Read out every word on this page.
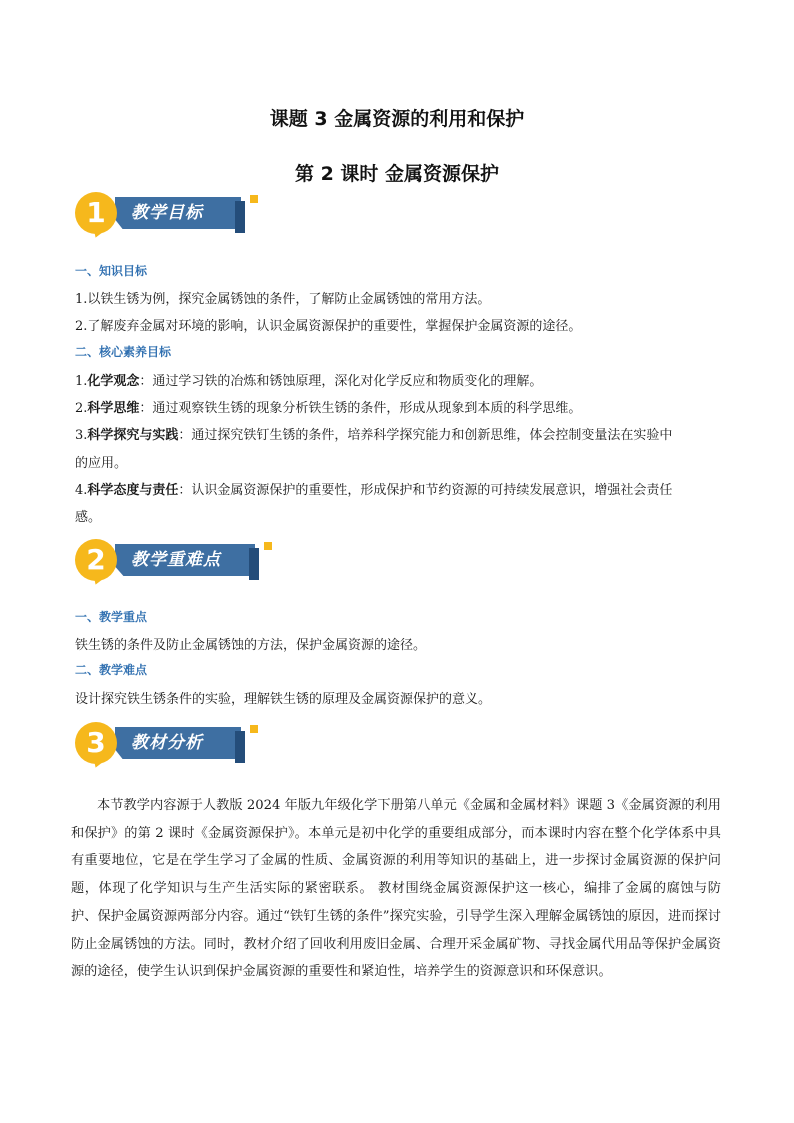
课题 3 金属资源的利用和保护
第 2 课时 金属资源保护
1	教学目标
一、知识目标
1.以铁生锈为例，探究金属锈蚀的条件，了解防止金属锈蚀的常用方法。
2.了解废弃金属对环境的影响，认识金属资源保护的重要性，掌握保护金属资源的途径。
二、核心素养目标
1.化学观念：通过学习铁的冶炼和锈蚀原理，深化对化学反应和物质变化的理解。
2.科学思维：通过观察铁生锈的现象分析铁生锈的条件，形成从现象到本质的科学思维。
3.科学探究与实践：通过探究铁钉生锈的条件，培养科学探究能力和创新思维，体会控制变量法在实验中
的应用。
4.科学态度与责任：认识金属资源保护的重要性，形成保护和节约资源的可持续发展意识，增强社会责任
感。
2	教学重难点
一、教学重点
铁生锈的条件及防止金属锈蚀的方法，保护金属资源的途径。
二、教学难点
设计探究铁生锈条件的实验，理解铁生锈的原理及金属资源保护的意义。
3	教材分析
本节教学内容源于人教版 2024 年版九年级化学下册第八单元《金属和金属材料》课题 3《金属资源的利用和保护》的第 2 课时《金属资源保护》。本单元是初中化学的重要组成部分，而本课时内容在整个化学体系中具有重要地位，它是在学生学习了金属的性质、金属资源的利用等知识的基础上，进一步探讨金属资源的保护问题，体现了化学知识与生产生活实际的紧密联系。 教材围绕金属资源保护这一核心，编排了金属的腐蚀与防护、保护金属资源两部分内容。通过“铁钉生锈的条件”探究实验，引导学生深入理解金属锈蚀的原因，进而探讨防止金属锈蚀的方法。同时，教材介绍了回收利用废旧金属、合理开采金属矿物、寻找金属代用品等保护金属资源的途径，使学生认识到保护金属资源的重要性和紧迫性，培养学生的资源意识和环保意识。
